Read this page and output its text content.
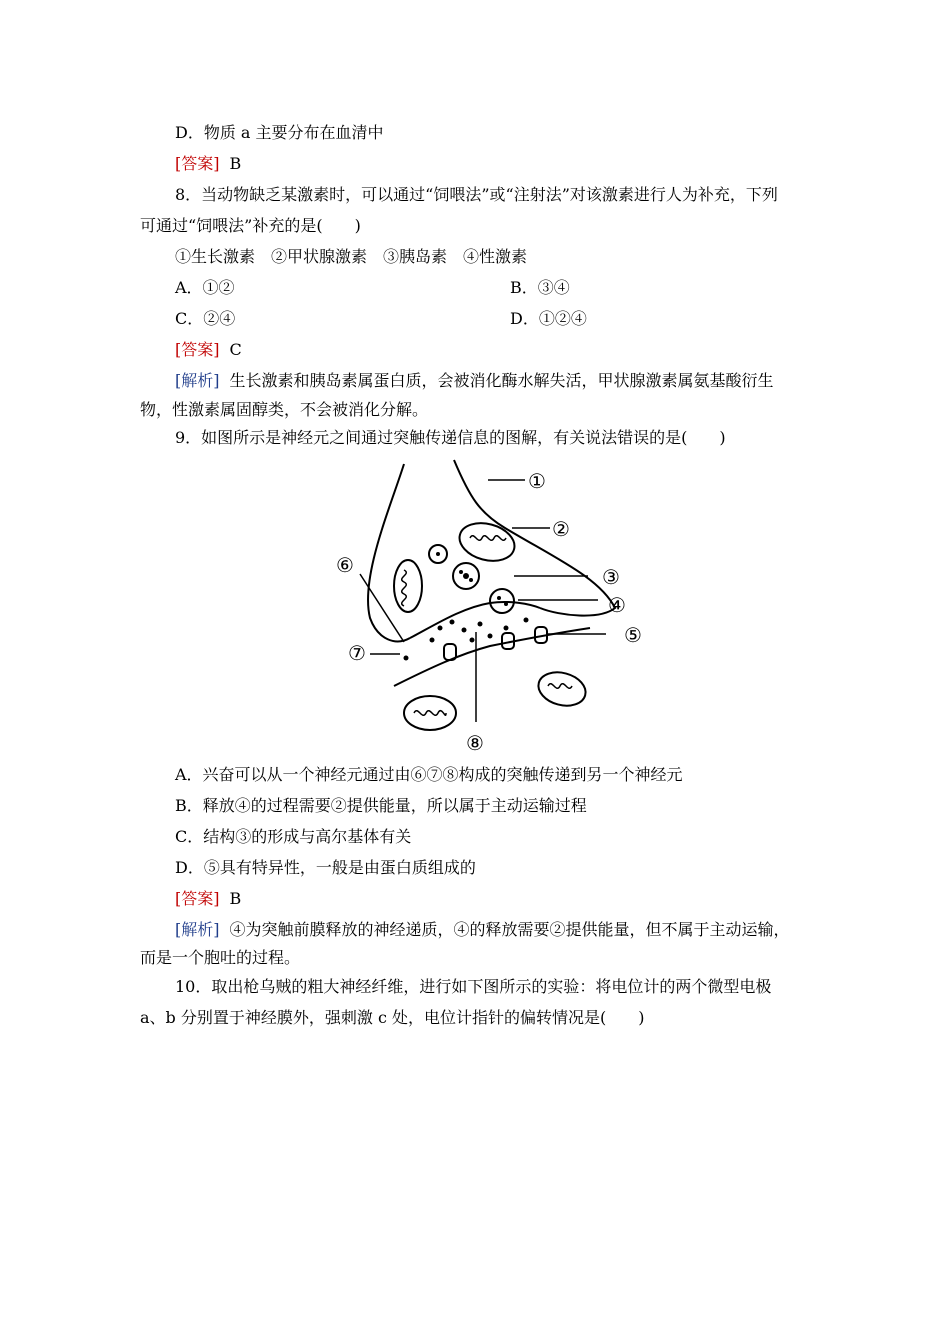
D．物质 a 主要分布在血清中
[答案] B
8．当动物缺乏某激素时，可以通过“饲喂法”或“注射法”对该激素进行人为补充，下列
可通过“饲喂法”补充的是(　　)
①生长激素　②甲状腺激素　③胰岛素　④性激素
A．①②	B．③④
C．②④	D．①②④
[答案] C
[解析] 生长激素和胰岛素属蛋白质，会被消化酶水解失活，甲状腺激素属氨基酸衍生
物，性激素属固醇类，不会被消化分解。
9．如图所示是神经元之间通过突触传递信息的图解，有关说法错误的是(　　)
①
②
③
④
⑤
⑥
⑦
⑧
A．兴奋可以从一个神经元通过由⑥⑦⑧构成的突触传递到另一个神经元
B．释放④的过程需要②提供能量，所以属于主动运输过程
C．结构③的形成与高尔基体有关
D．⑤具有特异性，一般是由蛋白质组成的
[答案] B
[解析] ④为突触前膜释放的神经递质，④的释放需要②提供能量，但不属于主动运输，
而是一个胞吐的过程。
10．取出枪乌贼的粗大神经纤维，进行如下图所示的实验：将电位计的两个微型电极
a、b 分别置于神经膜外，强刺激 c 处，电位计指针的偏转情况是(　　)
